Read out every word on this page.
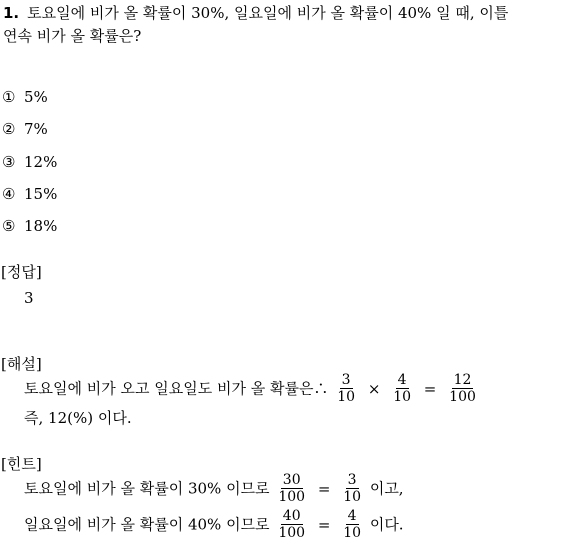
1. 토요일에 비가 올 확률이 30%, 일요일에 비가 올 확률이 40% 일 때, 이틀
연속 비가 올 확률은?
① 5%
② 7%
③ 12%
④ 15%
⑤ 18%
[정답]
3
[해설]
토요일에 비가 오고 일요일도 비가 올 확률은∴ $\frac{3}{10} \times \frac{4}{10} = \frac{12}{100}$
즉, 12(%) 이다.
[힌트]
토요일에 비가 올 확률이 30% 이므로 $\frac{30}{100} = \frac{3}{10}$ 이고,
일요일에 비가 올 확률이 40% 이므로 $\frac{40}{100} = \frac{4}{10}$ 이다.
